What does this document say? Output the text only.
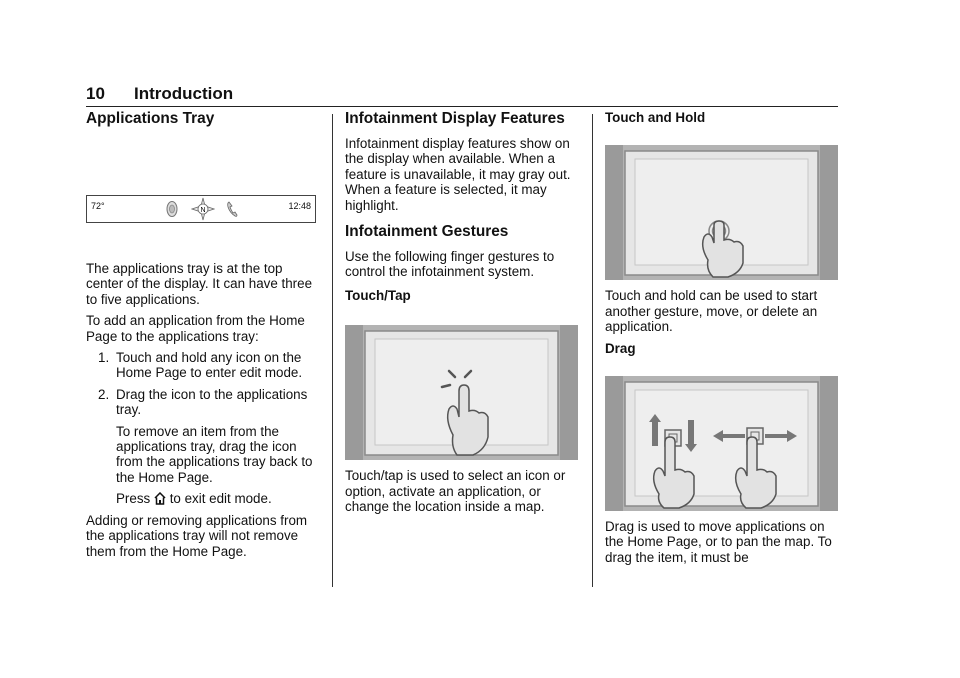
10 Introduction
Applications Tray
72°	N	12:48

The applications tray is at the top center of the display. It can have three to five applications.

To add an application from the Home Page to the applications tray:

1. Touch and hold any icon on the Home Page to enter edit mode.
2. Drag the icon to the applications tray.

To remove an item from the applications tray, drag the icon from the applications tray back to the Home Page.

Press to exit edit mode.

Adding or removing applications from the applications tray will not remove them from the Home Page.

Infotainment Display Features

Infotainment display features show on the display when available. When a feature is unavailable, it may gray out. When a feature is selected, it may highlight.

Infotainment Gestures

Use the following finger gestures to control the infotainment system.

Touch/Tap

Touch/tap is used to select an icon or option, activate an application, or change the location inside a map.

Touch and Hold

Touch and hold can be used to start another gesture, move, or delete an application.

Drag

Drag is used to move applications on the Home Page, or to pan the map. To drag the item, it must be
